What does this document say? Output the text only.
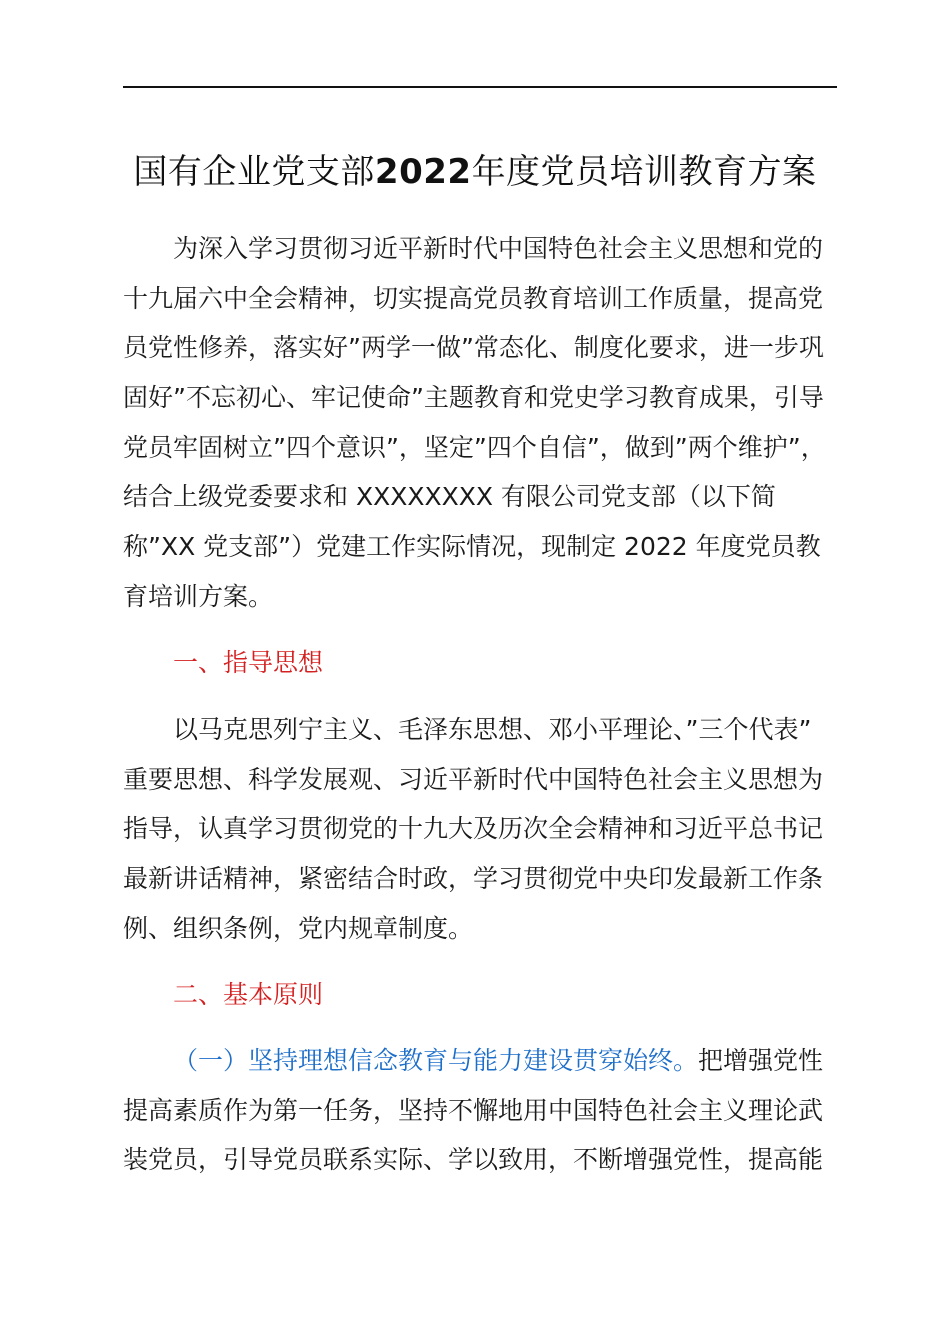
国有企业党支部2022年度党员培训教育方案
为深入学习贯彻习近平新时代中国特色社会主义思想和党的
十九届六中全会精神，切实提高党员教育培训工作质量，提高党
员党性修养，落实好”两学一做”常态化、制度化要求，进一步巩
固好”不忘初心、牢记使命”主题教育和党史学习教育成果，引导
党员牢固树立”四个意识”，坚定”四个自信”，做到”两个维护”，
结合上级党委要求和 XXXXXXXX 有限公司党支部（以下简
称”XX 党支部”）党建工作实际情况，现制定 2022 年度党员教
育培训方案。
一、指导思想
以马克思列宁主义、毛泽东思想、邓小平理论、”三个代表”
重要思想、科学发展观、习近平新时代中国特色社会主义思想为
指导，认真学习贯彻党的十九大及历次全会精神和习近平总书记
最新讲话精神，紧密结合时政，学习贯彻党中央印发最新工作条
例、组织条例，党内规章制度。
二、基本原则
（一）坚持理想信念教育与能力建设贯穿始终。把增强党性
提高素质作为第一任务，坚持不懈地用中国特色社会主义理论武
装党员，引导党员联系实际、学以致用，不断增强党性，提高能
